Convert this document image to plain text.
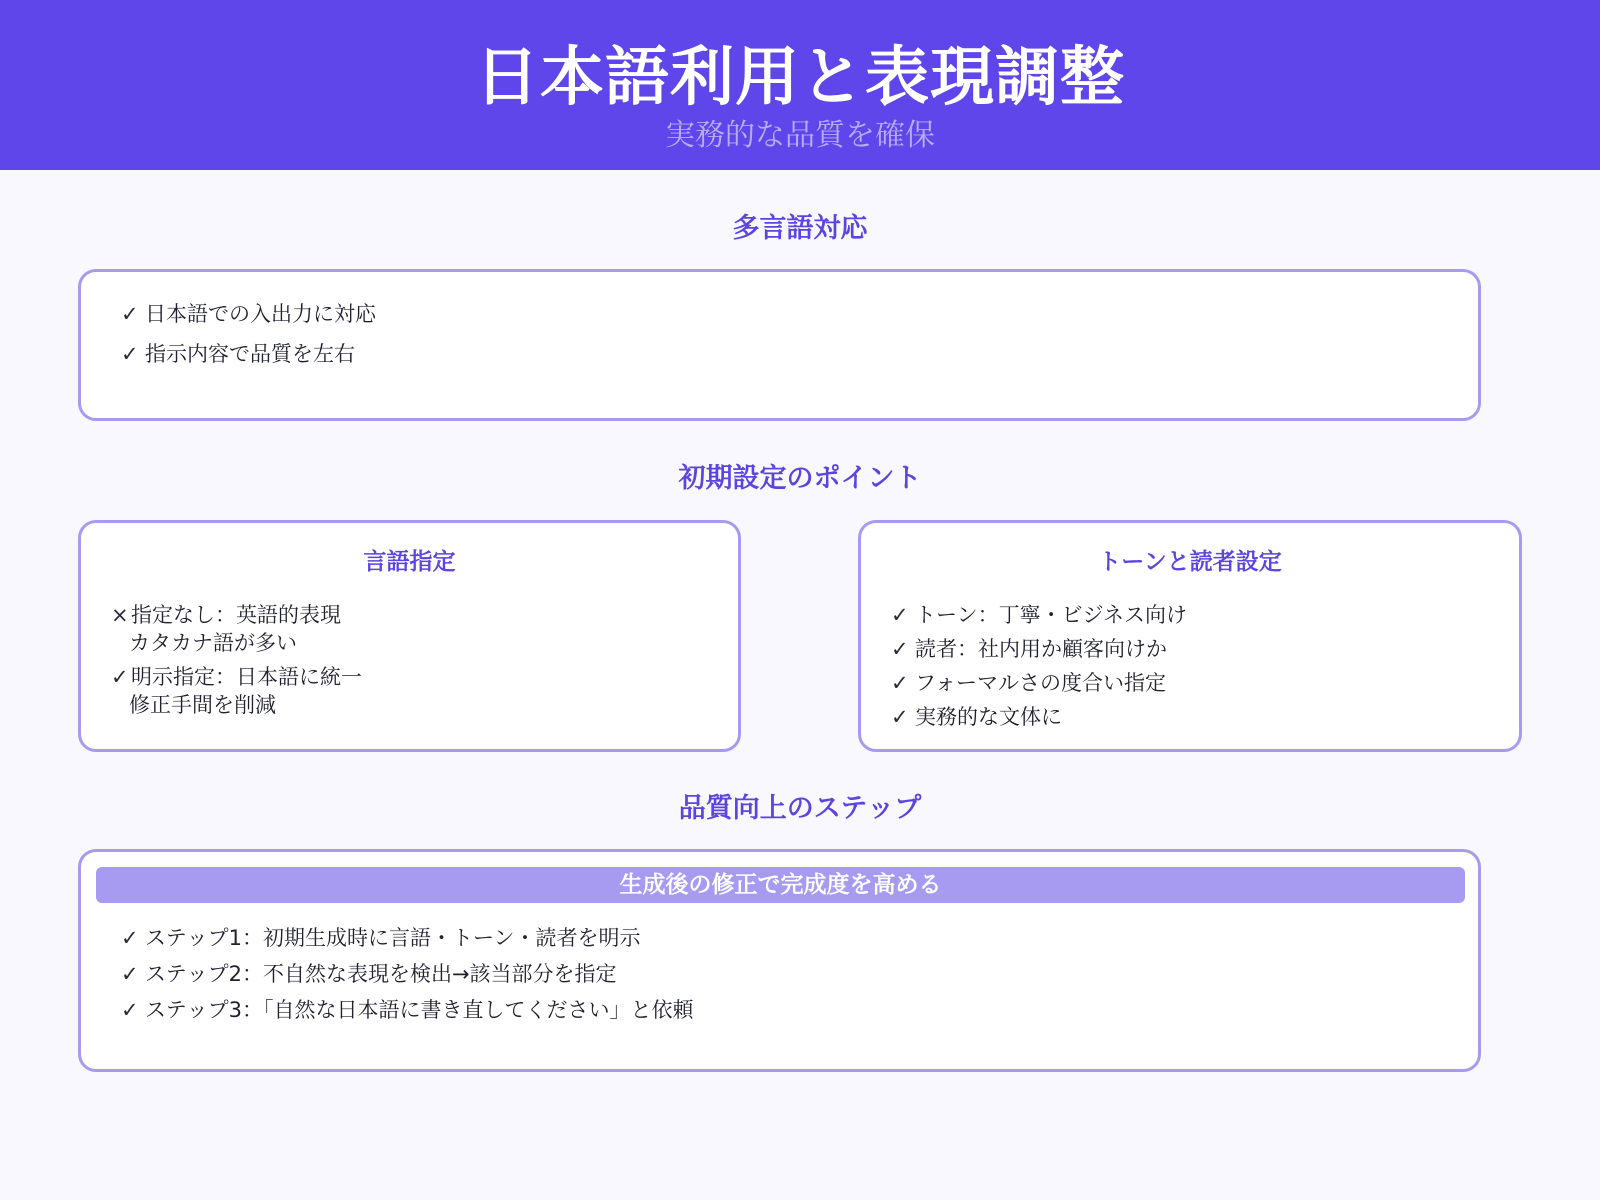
日本語利用と表現調整
実務的な品質を確保
多言語対応
✓ 日本語での入出力に対応
✓ 指示内容で品質を左右
初期設定のポイント
言語指定
× 指定なし：英語的表現
カタカナ語が多い
✓ 明示指定：日本語に統一
修正手間を削減
トーンと読者設定
✓ トーン：丁寧・ビジネス向け
✓ 読者：社内用か顧客向けか
✓ フォーマルさの度合い指定
✓ 実務的な文体に
品質向上のステップ
生成後の修正で完成度を高める
✓ ステップ1：初期生成時に言語・トーン・読者を明示
✓ ステップ2：不自然な表現を検出→該当部分を指定
✓ ステップ3：「自然な日本語に書き直してください」と依頼
